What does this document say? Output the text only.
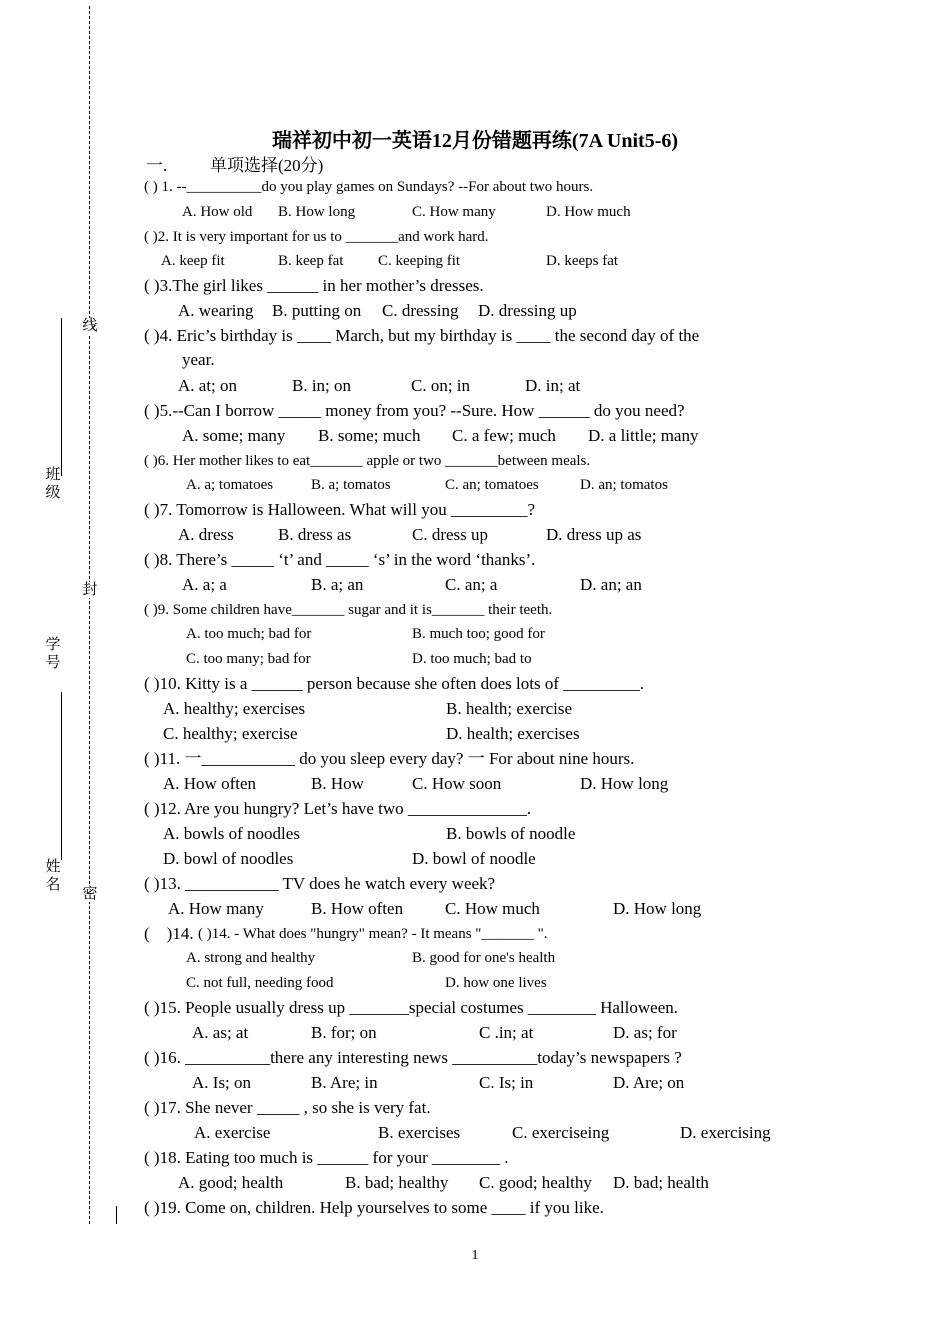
线
封
密
班 级
学 号
姓 名
瑞祥初中初一英语12月份错题再练(7A Unit5-6)
一.	单项选择(20分)
( ) 1. --__________do you play games on Sundays? --For about two hours.
A. How old B. How long	C. How many	D. How much
( )2. It is very important for us to _______and work hard.
A. keep fit	B. keep fat C. keeping fit	D. keeps fat
( )3.The girl likes ______ in her mother’s dresses.
A. wearing B. putting on C. dressing D. dressing up
( )4. Eric’s birthday is ____ March, but my birthday is ____ the second day of the
year.
A. at; on	B. in; on	C. on; in	D. in; at
( )5.--Can I borrow _____ money from you? --Sure. How ______ do you need?
A. some; many B. some; much C. a few; much D. a little; many
( )6. Her mother likes to eat_______ apple or two _______between meals.
A. a; tomatoes	B. a; tomatos	C. an; tomatoes	D. an; tomatos
( )7. Tomorrow is Halloween. What will you _________?
A. dress	B. dress as	C. dress up	D. dress up as
( )8. There’s _____ ‘t’ and _____ ‘s’ in the word ‘thanks’.
A. a; a	B. a; an	C. an; a	D. an; an
( )9. Some children have_______ sugar and it is_______ their teeth.
A. too much; bad for	B. much too; good for
C. too many; bad for	D. too much; bad to
( )10. Kitty is a ______ person because she often does lots of _________.
A. healthy; exercises	B. health; exercise
C. healthy; exercise	D. health; exercises
( )11. 一___________ do you sleep every day? 一 For about nine hours.
A. How often	B. How	C. How soon	D. How long
( )12. Are you hungry? Let’s have two ______________.
A. bowls of noodles	B. bowls of noodle
D. bowl of noodles	D. bowl of noodle
( )13. ___________ TV does he watch every week?
A. How many	B. How often C. How much	D. How long
(    )14. ( )14. - What does "hungry" mean? - It means "_______ ".
A. strong and healthy	B. good for one's health
C. not full, needing food	D. how one lives
( )15. People usually dress up _______special costumes ________ Halloween.
A. as; at	B. for; on	C .in; at	D. as; for
( )16. __________there any interesting news __________today’s newspapers ?
A. Is; on	B. Are; in	C. Is; in	D. Are; on
( )17. She never _____ , so she is very fat.
A. exercise	B. exercises	C. exerciseing	D. exercising
( )18. Eating too much is ______ for your ________ .
A. good; health	B. bad; healthy C. good; healthy D. bad; health
( )19. Come on, children. Help yourselves to some ____ if you like.
1
